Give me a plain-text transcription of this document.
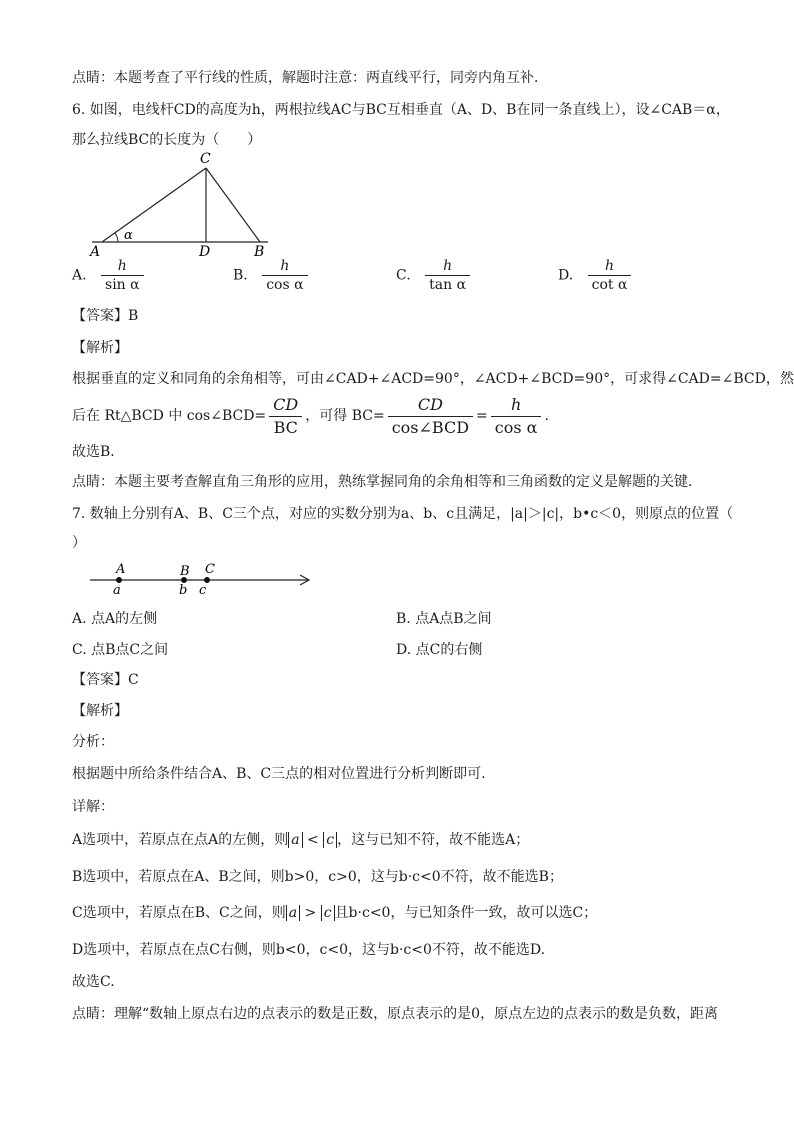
点睛：本题考查了平行线的性质，解题时注意：两直线平行，同旁内角互补．
6. 如图，电线杆CD的高度为h，两根拉线AC与BC互相垂直（A、D、B在同一条直线上），设∠CAB＝α，
那么拉线BC的长度为（　　）
C
A	D	B
α
A. $\frac{h}{\text{sin α}}$	B. $\frac{h}{\text{cos α}}$	C. $\frac{h}{\text{tan α}}$	D. $\frac{h}{\text{cot α}}$
【答案】B
【解析】
根据垂直的定义和同角的余角相等，可由∠CAD+∠ACD=90°，∠ACD+∠BCD=90°，可求得∠CAD=∠BCD，然
后在 Rt△BCD 中 cos∠BCD= $\frac{CD}{BC}$ ，可得 $BC= \frac{CD}{\text{cos∠BCD}} = \frac{h}{\text{cos α}}$ .
故选B．
点睛：本题主要考查解直角三角形的应用，熟练掌握同角的余角相等和三角函数的定义是解题的关键．
7. 数轴上分别有A、B、C三个点，对应的实数分别为a、b、c且满足，|a|＞|c|，b•c＜0，则原点的位置（
）
A
a
B
b
C
c
A. 点A的左侧	B. 点A点B之间
C. 点B点C之间	D. 点C的右侧
【答案】C
【解析】
分析：
根据题中所给条件结合A、B、C三点的相对位置进行分析判断即可.
详解：
A选项中，若原点在点A的左侧，则 a < c ，这与已知不符，故不能选A；
B选项中，若原点在A、B之间，则b>0，c>0，这与b·c<0不符，故不能选B；
C选项中，若原点在B、C之间，则 a > c 且b·c<0，与已知条件一致，故可以选C；
D选项中，若原点在点C右侧，则b<0，c<0，这与b·c<0不符，故不能选D.
故选C.
点睛：理解“数轴上原点右边的点表示的数是正数，原点表示的是0，原点左边的点表示的数是负数，距离
